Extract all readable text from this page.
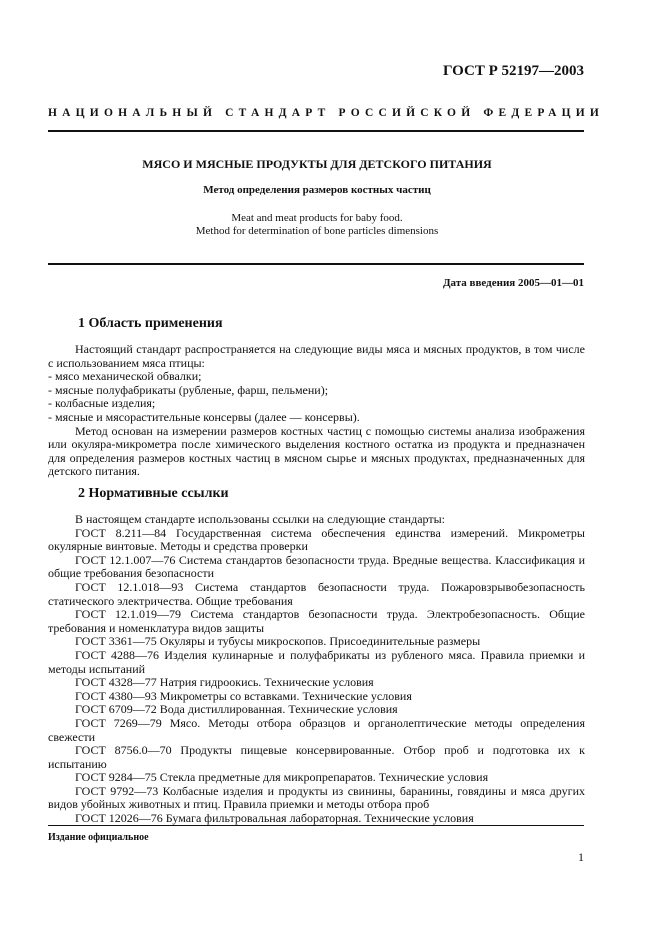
ГОСТ Р 52197—2003
НАЦИОНАЛЬНЫЙ СТАНДАРТ РОССИЙСКОЙ ФЕДЕРАЦИИ
МЯСО И МЯСНЫЕ ПРОДУКТЫ ДЛЯ ДЕТСКОГО ПИТАНИЯ
Метод определения размеров костных частиц
Meat and meat products for baby food.
Method for determination of bone particles dimensions
Дата введения 2005—01—01
1 Область применения

Настоящий стандарт распространяется на следующие виды мяса и мясных продуктов, в том числе с использованием мяса птицы:

- мясо механической обвалки;

- мясные полуфабрикаты (рубленые, фарш, пельмени);

- колбасные изделия;

- мясные и мясорастительные консервы (далее — консервы).

Метод основан на измерении размеров костных частиц с помощью системы анализа изображения или окуляра-микрометра после химического выделения костного остатка из продукта и предназначен для определения размеров костных частиц в мясном сырье и мясных продуктах, предназначенных для детского питания.

2 Нормативные ссылки

В настоящем стандарте использованы ссылки на следующие стандарты:

ГОСТ 8.211—84 Государственная система обеспечения единства измерений. Микрометры окулярные винтовые. Методы и средства проверки

ГОСТ 12.1.007—76 Система стандартов безопасности труда. Вредные вещества. Классификация и общие требования безопасности

ГОСТ 12.1.018—93 Система стандартов безопасности труда. Пожаровзрывобезопасность статического электричества. Общие требования

ГОСТ 12.1.019—79 Система стандартов безопасности труда. Электробезопасность. Общие требования и номенклатура видов защиты

ГОСТ 3361—75 Окуляры и тубусы микроскопов. Присоединительные размеры

ГОСТ 4288—76 Изделия кулинарные и полуфабрикаты из рубленого мяса. Правила приемки и методы испытаний

ГОСТ 4328—77 Натрия гидроокись. Технические условия

ГОСТ 4380—93 Микрометры со вставками. Технические условия

ГОСТ 6709—72 Вода дистиллированная. Технические условия

ГОСТ 7269—79 Мясо. Методы отбора образцов и органолептические методы определения свежести

ГОСТ 8756.0—70 Продукты пищевые консервированные. Отбор проб и подготовка их к испытанию

ГОСТ 9284—75 Стекла предметные для микропрепаратов. Технические условия

ГОСТ 9792—73 Колбасные изделия и продукты из свинины, баранины, говядины и мяса других видов убойных животных и птиц. Правила приемки и методы отбора проб

ГОСТ 12026—76 Бумага фильтровальная лабораторная. Технические условия

Издание официальное
1
